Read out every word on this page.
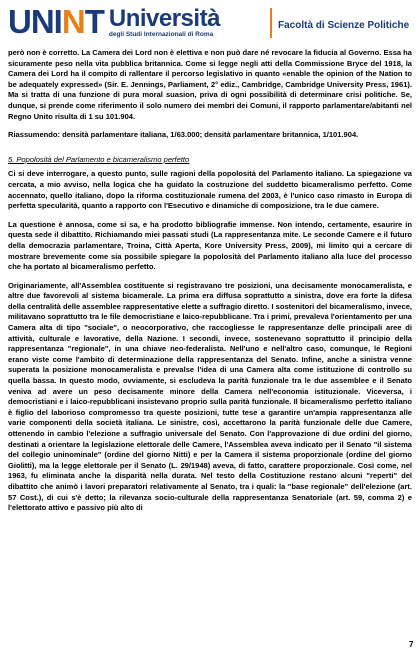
UNINT Università
degli Studi Internazionali di Roma
Facoltà di Scienze Politiche

però non è corretto. La Camera dei Lord non è elettiva e non può dare né revocare la fiducia al Governo. Essa ha sicuramente peso nella vita pubblica britannica. Come si legge negli atti della Commissione Bryce del 1918, la Camera dei Lord ha il compito di rallentare il percorso legislativo in quanto «enable the opinion of the Nation to be adequately expressed» (Sir. E. Jennings, Parliament, 2° ediz., Cambridge, Cambridge University Press, 1961). Ma si tratta di una funzione di pura moral suasion, priva di ogni possibilità di determinare crisi politiche. Se, dunque, si prende come riferimento il solo numero dei membri dei Comuni, il rapporto parlamentare/abitanti nel Regno Unito risulta di 1 su 101.904.

Riassumendo: densità parlamentare italiana, 1/63.000; densità parlamentare britannica, 1/101.904.

5. Popolosità del Parlamento e bicameralismo perfetto

Ci si deve interrogare, a questo punto, sulle ragioni della popolosità del Parlamento italiano. La spiegazione va cercata, a mio avviso, nella logica che ha guidato la costruzione del suddetto bicameralismo perfetto. Come accennato, quello italiano, dopo la riforma costituzionale rumena del 2003, è l'unico caso rimasto in Europa di perfetta specularità, quanto a rapporto con l'Esecutivo e dinamiche di composizione, tra le due camere.

La questione è annosa, come si sa, e ha prodotto bibliografie immense. Non intendo, certamente, esaurire in questa sede il dibattito. Richiamando miei passati studi (La rappresentanza mite. Le seconde Camere e il futuro della democrazia parlamentare, Troina, Città Aperta, Kore University Press, 2009), mi limito qui a cercare di mostrare brevemente come sia possibile spiegare la popolosità del Parlamento italiano alla luce del processo che ha portato al bicameralismo perfetto.

Originariamente, all'Assemblea costituente si registravano tre posizioni, una decisamente monocameralista, e altre due favorevoli al sistema bicamerale. La prima era diffusa soprattutto a sinistra, dove era forte la difesa della centralità delle assemblee rappresentative elette a suffragio diretto. I sostenitori del bicameralismo, invece, militavano soprattutto tra le file democristiane e laico-repubblicane. Tra i primi, prevaleva l'orientamento per una Camera alta di tipo "sociale", o neocorporativo, che raccogliesse le rappresentanze delle principali aree di attività, culturale e lavorative, della Nazione. I secondi, invece, sostenevano soprattutto il principio della rappresentanza "regionale", in una chiave neo-federalista. Nell'uno e nell'altro caso, comunque, le Regioni erano viste come l'ambito di determinazione della rappresentanza del Senato. Infine, anche a sinistra venne superata la posizione monocameralista e prevalse l'idea di una Camera alta come istituzione di controllo su quella bassa. In questo modo, ovviamente, si escludeva la parità funzionale tra le due assemblee e il Senato veniva ad avere un peso decisamente minore della Camera nell'economia istituzionale. Viceversa, i democristiani e i laico-repubblicani insistevano proprio sulla parità funzionale. Il bicameralismo perfetto italiano è figlio del laborioso compromesso tra queste posizioni, tutte tese a garantire un'ampia rappresentanza alle varie componenti della società italiana. Le sinistre, così, accettarono la parità funzionale delle due Camere, ottenendo in cambio l'elezione a suffragio universale del Senato. Con l'approvazione di due ordini del giorno, destinati a orientare la legislazione elettorale delle Camere, l'Assemblea aveva indicato per il Senato "il sistema del collegio uninominale" (ordine del giorno Nitti) e per la Camera il sistema proporzionale (ordine del giorno Giolitti), ma la legge elettorale per il Senato (L. 29/1948) aveva, di fatto, carattere proporzionale. Così come, nel 1963, fu eliminata anche la disparità nella durata. Nel testo della Costituzione restano alcuni "reperti" del dibattito che animò i lavori preparatori relativamente al Senato, tra i quali: la "base regionale" dell'elezione (art. 57 Cost.), di cui s'è detto; la rilevanza socio-culturale della rappresentanza Senatoriale (art. 59, comma 2) e l'elettorato attivo e passivo più alto di

7
